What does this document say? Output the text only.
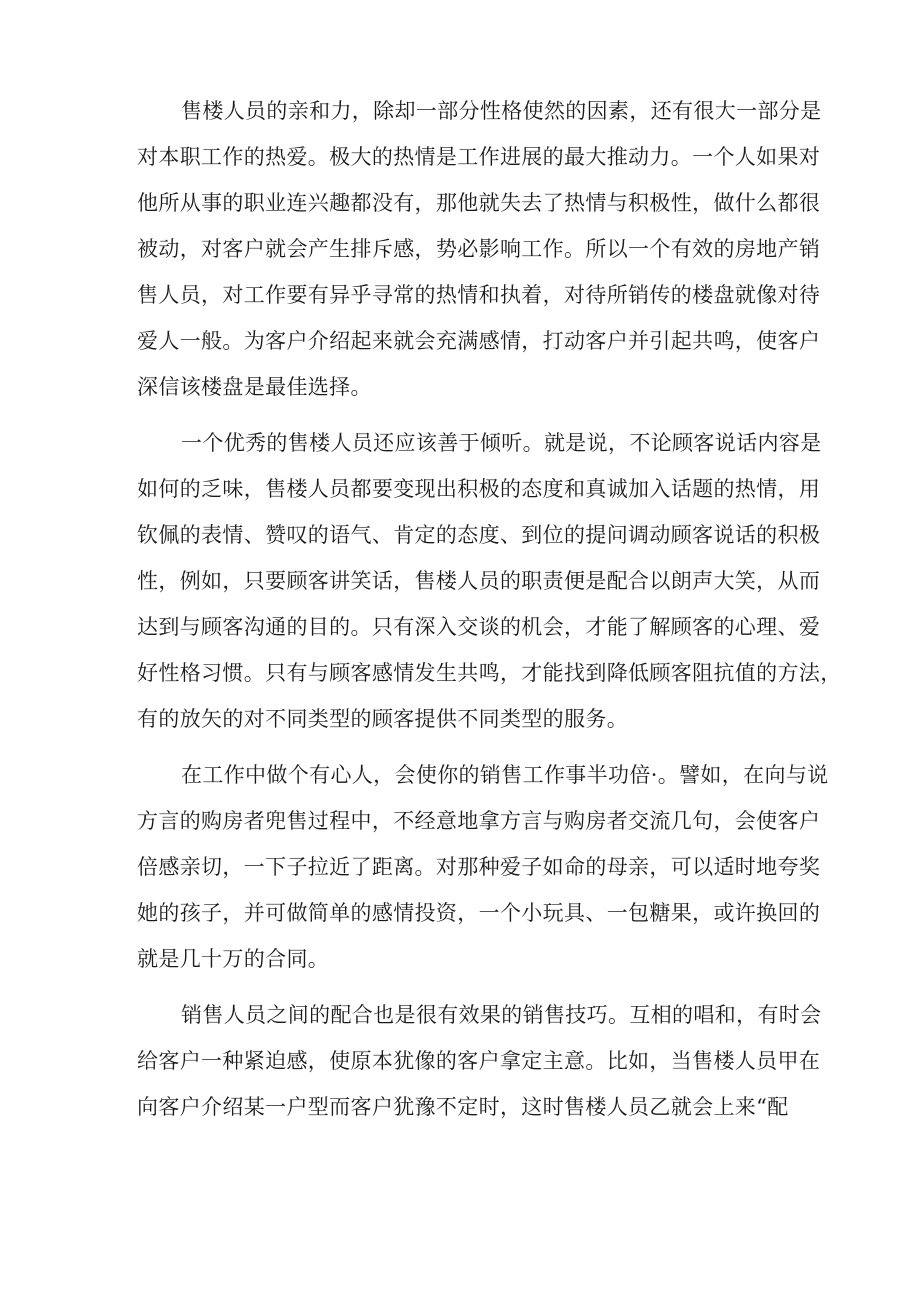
售楼人员的亲和力，除却一部分性格使然的因素，还有很大一部分是
对本职工作的热爱。极大的热情是工作进展的最大推动力。一个人如果对
他所从事的职业连兴趣都没有，那他就失去了热情与积极性，做什么都很
被动，对客户就会产生排斥感，势必影响工作。所以一个有效的房地产销
售人员，对工作要有异乎寻常的热情和执着，对待所销传的楼盘就像对待
爱人一般。为客户介绍起来就会充满感情，打动客户并引起共鸣，使客户
深信该楼盘是最佳选择。

一个优秀的售楼人员还应该善于倾听。就是说，不论顾客说话内容是
如何的乏味，售楼人员都要变现出积极的态度和真诚加入话题的热情，用
钦佩的表情、赞叹的语气、肯定的态度、到位的提问调动顾客说话的积极
性，例如，只要顾客讲笑话，售楼人员的职责便是配合以朗声大笑，从而
达到与顾客沟通的目的。只有深入交谈的机会，才能了解顾客的心理、爱
好性格习惯。只有与顾客感情发生共鸣，才能找到降低顾客阻抗值的方法，
有的放矢的对不同类型的顾客提供不同类型的服务。

在工作中做个有心人，会使你的销售工作事半功倍·。譬如，在向与说
方言的购房者兜售过程中，不经意地拿方言与购房者交流几句，会使客户
倍感亲切，一下子拉近了距离。对那种爱子如命的母亲，可以适时地夸奖
她的孩子，并可做简单的感情投资，一个小玩具、一包糖果，或许换回的
就是几十万的合同。

销售人员之间的配合也是很有效果的销售技巧。互相的唱和，有时会
给客户一种紧迫感，使原本犹像的客户拿定主意。比如，当售楼人员甲在
向客户介绍某一户型而客户犹豫不定时，这时售楼人员乙就会上来“配
